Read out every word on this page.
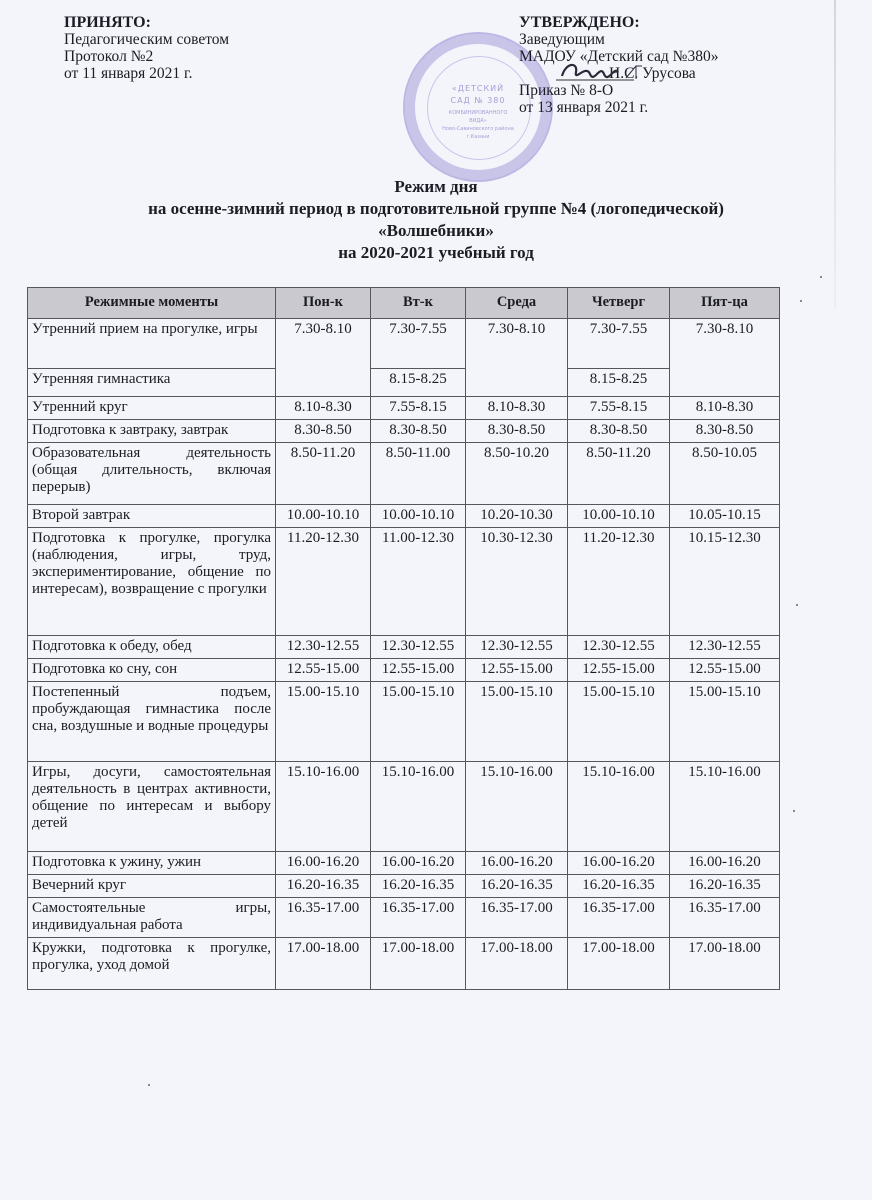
ПРИНЯТО:
Педагогическим советом
Протокол №2
от 11 января 2021 г.
«ДЕТСКИЙ
САД № 380
КОМБИНИРОВАННОГО
ВИДА»
Ново-Савиновского района
г.Казани
УТВЕРЖДЕНО:
Заведующим
МАДОУ «Детский сад №380»
Н.С. Урусова
Приказ № 8-О
от 13 января 2021 г.
Режим дня
на осенне-зимний период в подготовительной группе №4 (логопедической)
«Волшебники»
на 2020-2021 учебный год
Режимные моменты	Пон-к	Вт-к	Среда	Четверг	Пят-ца
Утренний прием на прогулке, игры	7.30-8.10	7.30-7.55	7.30-8.10	7.30-7.55	7.30-8.10
Утренняя гимнастика		8.15-8.25		8.15-8.25	
Утренний круг	8.10-8.30	7.55-8.15	8.10-8.30	7.55-8.15	8.10-8.30
Подготовка к завтраку, завтрак	8.30-8.50	8.30-8.50	8.30-8.50	8.30-8.50	8.30-8.50
Образовательная деятельность (общая длительность, включая перерыв)	8.50-11.20	8.50-11.00	8.50-10.20	8.50-11.20	8.50-10.05
Второй завтрак	10.00-10.10	10.00-10.10	10.20-10.30	10.00-10.10	10.05-10.15
Подготовка к прогулке, прогулка (наблюдения, игры, труд, экспериментирование, общение по интересам), возвращение с прогулки	11.20-12.30	11.00-12.30	10.30-12.30	11.20-12.30	10.15-12.30
Подготовка к обеду, обед	12.30-12.55	12.30-12.55	12.30-12.55	12.30-12.55	12.30-12.55
Подготовка ко сну, сон	12.55-15.00	12.55-15.00	12.55-15.00	12.55-15.00	12.55-15.00
Постепенный подъем, пробуждающая гимнастика после сна, воздушные и водные процедуры	15.00-15.10	15.00-15.10	15.00-15.10	15.00-15.10	15.00-15.10
Игры, досуги, самостоятельная деятельность в центрах активности, общение по интересам и выбору детей	15.10-16.00	15.10-16.00	15.10-16.00	15.10-16.00	15.10-16.00
Подготовка к ужину, ужин	16.00-16.20	16.00-16.20	16.00-16.20	16.00-16.20	16.00-16.20
Вечерний круг	16.20-16.35	16.20-16.35	16.20-16.35	16.20-16.35	16.20-16.35
Самостоятельные игры, индивидуальная работа	16.35-17.00	16.35-17.00	16.35-17.00	16.35-17.00	16.35-17.00
Кружки, подготовка к прогулке, прогулка, уход домой	17.00-18.00	17.00-18.00	17.00-18.00	17.00-18.00	17.00-18.00
